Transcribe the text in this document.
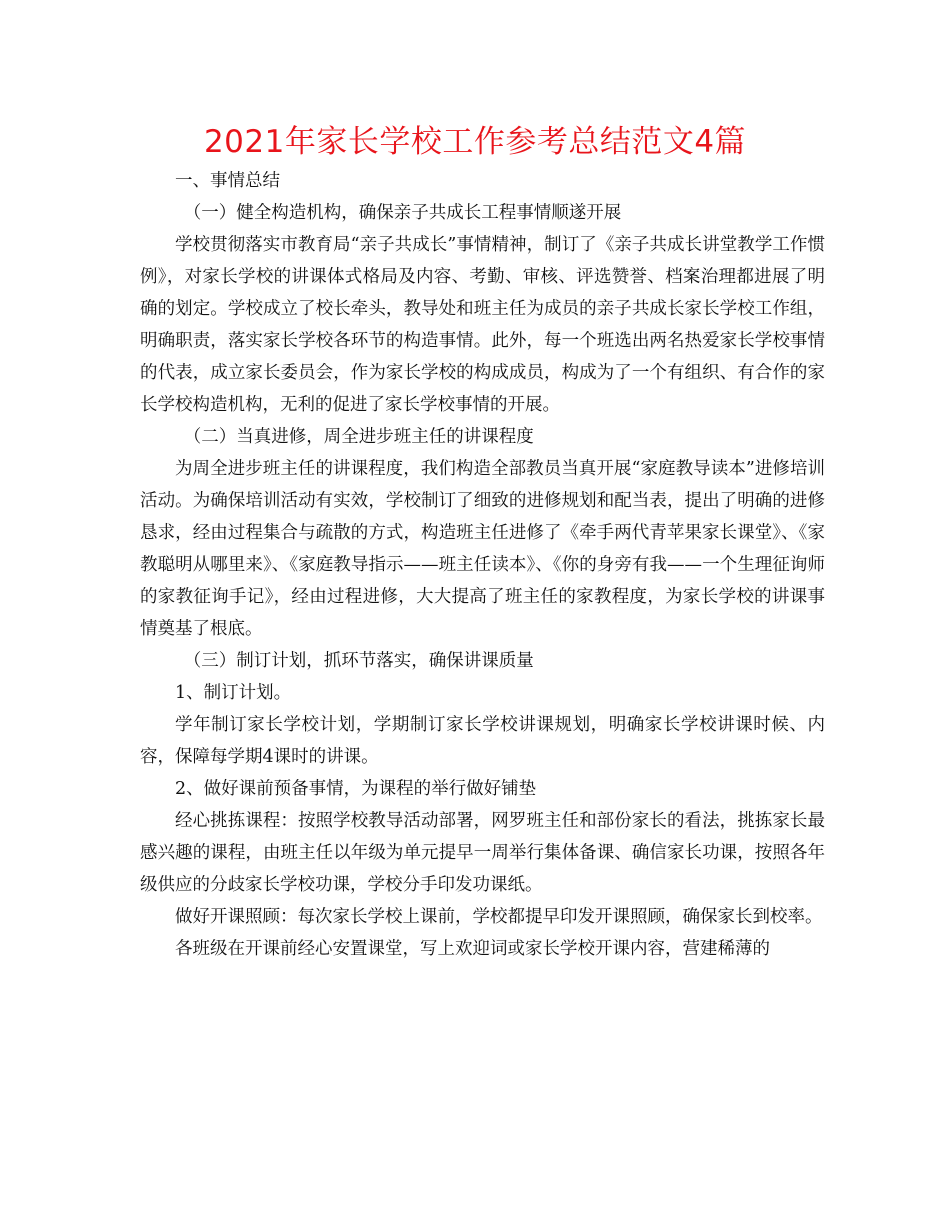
2021年家长学校工作参考总结范文4篇

一、事情总结

（一）健全构造机构，确保亲子共成长工程事情顺遂开展

学校贯彻落实市教育局“亲子共成长”事情精神，制订了《亲子共成长讲堂教学工作惯例》，对家长学校的讲课体式格局及内容、考勤、审核、评选赞誉、档案治理都进展了明确的划定。学校成立了校长牵头，教导处和班主任为成员的亲子共成长家长学校工作组，明确职责，落实家长学校各环节的构造事情。此外，每一个班选出两名热爱家长学校事情的代表，成立家长委员会，作为家长学校的构成成员，构成为了一个有组织、有合作的家长学校构造机构，无利的促进了家长学校事情的开展。

（二）当真进修，周全进步班主任的讲课程度

为周全进步班主任的讲课程度，我们构造全部教员当真开展“家庭教导读本”进修培训活动。为确保培训活动有实效，学校制订了细致的进修规划和配当表，提出了明确的进修恳求，经由过程集合与疏散的方式，构造班主任进修了《牵手两代青苹果家长课堂》、《家教聪明从哪里来》、《家庭教导指示——班主任读本》、《你的身旁有我——一个生理征询师的家教征询手记》，经由过程进修，大大提高了班主任的家教程度，为家长学校的讲课事情奠基了根底。

（三）制订计划，抓环节落实，确保讲课质量

1、制订计划。

学年制订家长学校计划，学期制订家长学校讲课规划，明确家长学校讲课时候、内容，保障每学期4课时的讲课。

2、做好课前预备事情，为课程的举行做好铺垫

经心挑拣课程：按照学校教导活动部署，网罗班主任和部份家长的看法，挑拣家长最感兴趣的课程，由班主任以年级为单元提早一周举行集体备课、确信家长功课，按照各年级供应的分歧家长学校功课，学校分手印发功课纸。

做好开课照顾：每次家长学校上课前，学校都提早印发开课照顾，确保家长到校率。

各班级在开课前经心安置课堂，写上欢迎词或家长学校开课内容，营建稀薄的
